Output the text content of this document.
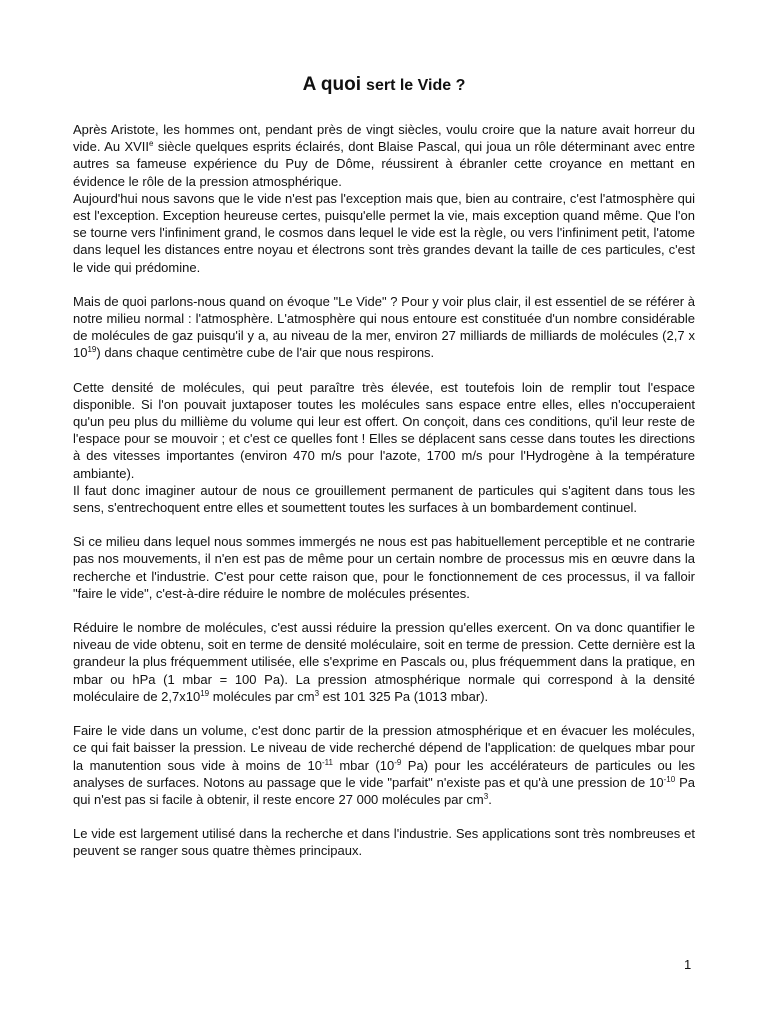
A quoi sert le Vide ?

Après Aristote, les hommes ont, pendant près de vingt siècles, voulu croire que la nature avait horreur du vide. Au XVIIe siècle quelques esprits éclairés, dont Blaise Pascal, qui joua un rôle déterminant avec entre autres sa fameuse expérience du Puy de Dôme, réussirent à ébranler cette croyance en mettant en évidence le rôle de la pression atmosphérique.

Aujourd'hui nous savons que le vide n'est pas l'exception mais que, bien au contraire, c'est l'atmosphère qui est l'exception. Exception heureuse certes, puisqu'elle permet la vie, mais exception quand même. Que l'on se tourne vers l'infiniment grand, le cosmos dans lequel le vide est la règle, ou vers l'infiniment petit, l'atome dans lequel les distances entre noyau et électrons sont très grandes devant la taille de ces particules, c'est le vide qui prédomine.

Mais de quoi parlons-nous quand on évoque "Le Vide" ? Pour y voir plus clair, il est essentiel de se référer à notre milieu normal : l'atmosphère. L'atmosphère qui nous entoure est constituée d'un nombre considérable de molécules de gaz puisqu'il y a, au niveau de la mer, environ 27 milliards de milliards de molécules (2,7 x $10^{19}$) dans chaque centimètre cube de l'air que nous respirons.

Cette densité de molécules, qui peut paraître très élevée, est toutefois loin de remplir tout l'espace disponible. Si l'on pouvait juxtaposer toutes les molécules sans espace entre elles, elles n'occuperaient qu'un peu plus du millième du volume qui leur est offert. On conçoit, dans ces conditions, qu'il leur reste de l'espace pour se mouvoir ; et c'est ce quelles font ! Elles se déplacent sans cesse dans toutes les directions à des vitesses importantes (environ 470 m/s pour l'azote, 1700 m/s pour l'Hydrogène à la température ambiante).

Il faut donc imaginer autour de nous ce grouillement permanent de particules qui s'agitent dans tous les sens, s'entrechoquent entre elles et soumettent toutes les surfaces à un bombardement continuel.

Si ce milieu dans lequel nous sommes immergés ne nous est pas habituellement perceptible et ne contrarie pas nos mouvements, il n'en est pas de même pour un certain nombre de processus mis en œuvre dans la recherche et l'industrie. C'est pour cette raison que, pour le fonctionnement de ces processus, il va falloir "faire le vide", c'est-à-dire réduire le nombre de molécules présentes.

Réduire le nombre de molécules, c'est aussi réduire la pression qu'elles exercent. On va donc quantifier le niveau de vide obtenu, soit en terme de densité moléculaire, soit en terme de pression. Cette dernière est la grandeur la plus fréquemment utilisée, elle s'exprime en Pascals ou, plus fréquemment dans la pratique, en mbar ou hPa (1 mbar = 100 Pa). La pression atmosphérique normale qui correspond à la densité moléculaire de $2,7x10^{19}$ molécules par $cm^3$ est 101 325 Pa (1013 mbar).

Faire le vide dans un volume, c'est donc partir de la pression atmosphérique et en évacuer les molécules, ce qui fait baisser la pression. Le niveau de vide recherché dépend de l'application: de quelques mbar pour la manutention sous vide à moins de $10^{-11}$ mbar ($10^{-9}$ Pa) pour les accélérateurs de particules ou les analyses de surfaces. Notons au passage que le vide "parfait" n'existe pas et qu'à une pression de $10^{-10}$ Pa qui n'est pas si facile à obtenir, il reste encore 27 000 molécules par $cm^3$.

Le vide est largement utilisé dans la recherche et dans l'industrie. Ses applications sont très nombreuses et peuvent se ranger sous quatre thèmes principaux.

1
